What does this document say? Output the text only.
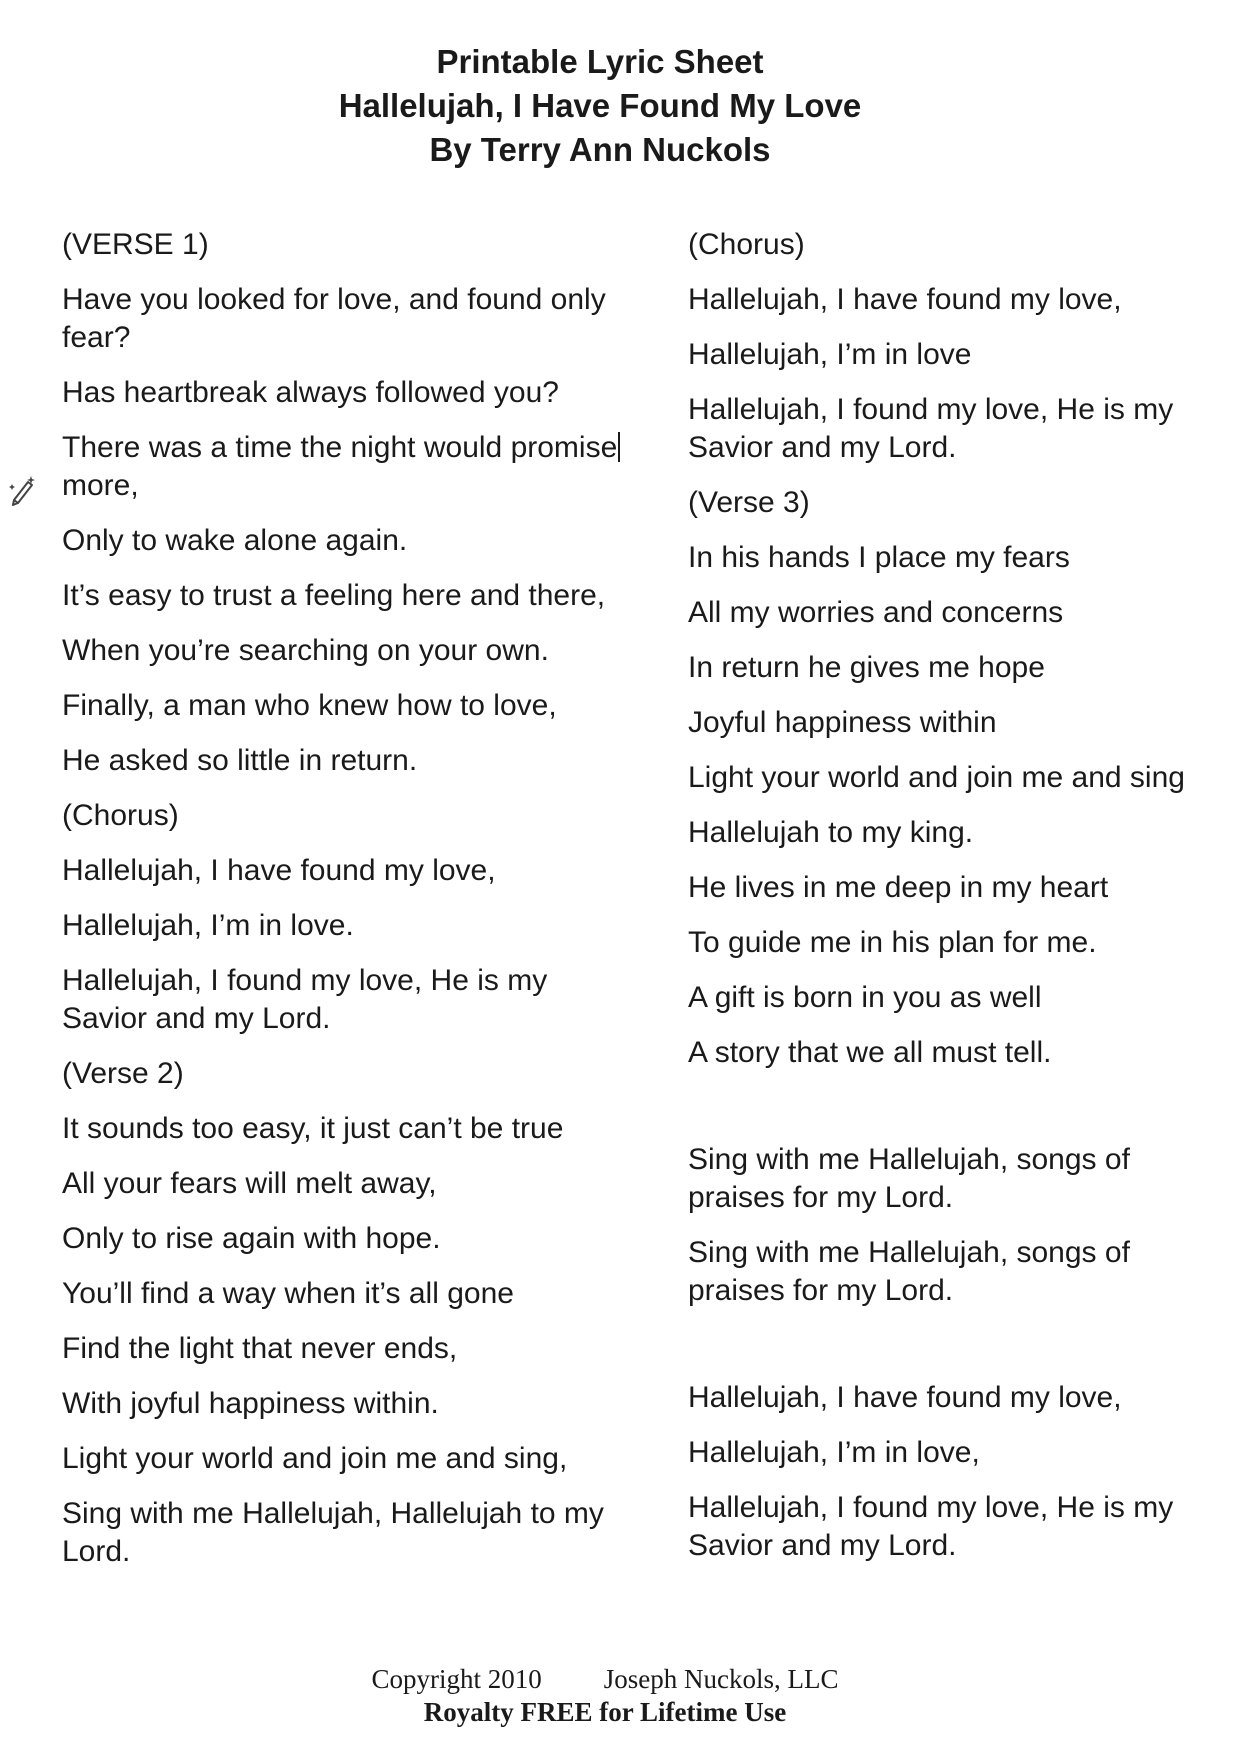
Printable Lyric Sheet
Hallelujah, I Have Found My Love
By Terry Ann Nuckols
(VERSE 1)
Have you looked for love, and found only fear?
Has heartbreak always followed you?
There was a time the night would promise more,
Only to wake alone again.
It’s easy to trust a feeling here and there,
When you’re searching on your own.
Finally, a man who knew how to love,
He asked so little in return.
(Chorus)
Hallelujah, I have found my love,
Hallelujah, I’m in love.
Hallelujah, I found my love, He is my Savior and my Lord.
(Verse 2)
It sounds too easy, it just can’t be true
All your fears will melt away,
Only to rise again with hope.
You’ll find a way when it’s all gone
Find the light that never ends,
With joyful happiness within.
Light your world and join me and sing,
Sing with me Hallelujah, Hallelujah to my Lord.
(Chorus)
Hallelujah, I have found my love,
Hallelujah, I’m in love
Hallelujah, I found my love, He is my Savior and my Lord.
(Verse 3)
In his hands I place my fears
All my worries and concerns
In return he gives me hope
Joyful happiness within
Light your world and join me and sing
Hallelujah to my king.
He lives in me deep in my heart
To guide me in his plan for me.
A gift is born in you as well
A story that we all must tell.
Sing with me Hallelujah, songs of praises for my Lord.
Sing with me Hallelujah, songs of praises for my Lord.
Hallelujah, I have found my love,
Hallelujah, I’m in love,
Hallelujah, I found my love, He is my Savior and my Lord.
Copyright 2010 Joseph Nuckols, LLC
Royalty FREE for Lifetime Use
